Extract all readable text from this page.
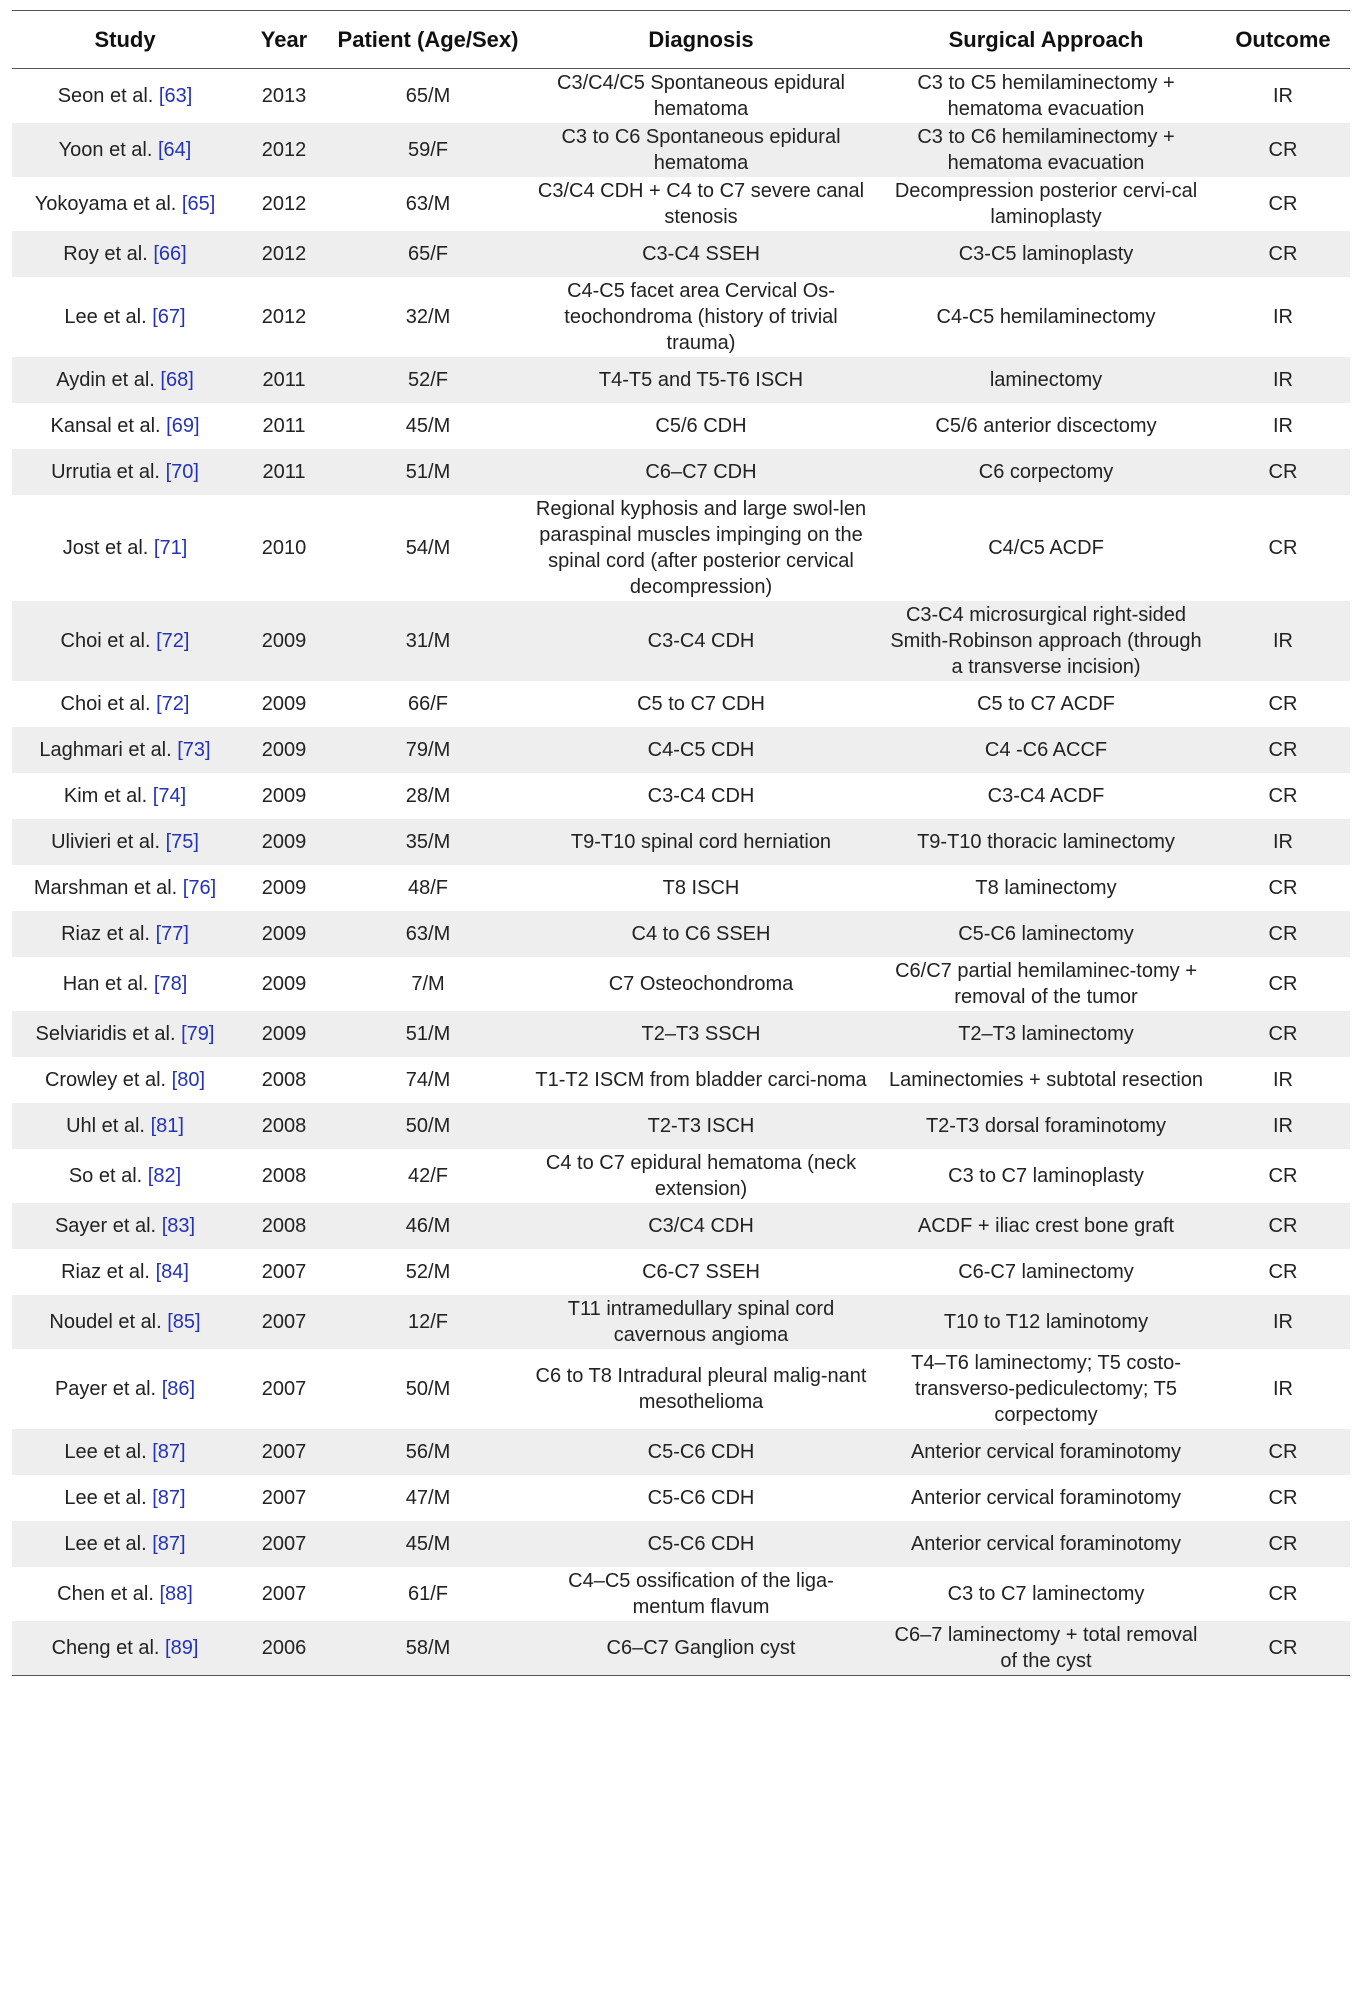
Study	Year	Patient (Age/Sex)	Diagnosis	Surgical Approach	Outcome
Seon et al. [63]	2013	65/M	C3/C4/C5 Spontaneous epidural hematoma	C3 to C5 hemilaminectomy + hematoma evacuation	IR
Yoon et al. [64]	2012	59/F	C3 to C6 Spontaneous epidural hematoma	C3 to C6 hemilaminectomy + hematoma evacuation	CR
Yokoyama et al. [65]	2012	63/M	C3/C4 CDH + C4 to C7 severe canal stenosis	Decompression posterior cervi-cal laminoplasty	CR
Roy et al. [66]	2012	65/F	C3-C4 SSEH	C3-C5 laminoplasty	CR
Lee et al. [67]	2012	32/M	C4-C5 facet area Cervical Os-teochondroma (history of trivial trauma)	C4-C5 hemilaminectomy	IR
Aydin et al. [68]	2011	52/F	T4-T5 and T5-T6 ISCH	laminectomy	IR
Kansal et al. [69]	2011	45/M	C5/6 CDH	C5/6 anterior discectomy	IR
Urrutia et al. [70]	2011	51/M	C6–C7 CDH	C6 corpectomy	CR
Jost et al. [71]	2010	54/M	Regional kyphosis and large swol-len paraspinal muscles impinging on the spinal cord (after posterior cervical decompression)	C4/C5 ACDF	CR
Choi et al. [72]	2009	31/M	C3-C4 CDH	C3-C4 microsurgical right-sided Smith-Robinson approach (through a transverse incision)	IR
Choi et al. [72]	2009	66/F	C5 to C7 CDH	C5 to C7 ACDF	CR
Laghmari et al. [73]	2009	79/M	C4-C5 CDH	C4 -C6 ACCF	CR
Kim et al. [74]	2009	28/M	C3-C4 CDH	C3-C4 ACDF	CR
Ulivieri et al. [75]	2009	35/M	T9-T10 spinal cord herniation	T9-T10 thoracic laminectomy	IR
Marshman et al. [76]	2009	48/F	T8 ISCH	T8 laminectomy	CR
Riaz et al. [77]	2009	63/M	C4 to C6 SSEH	C5-C6 laminectomy	CR
Han et al. [78]	2009	7/M	C7 Osteochondroma	C6/C7 partial hemilaminec-tomy + removal of the tumor	CR
Selviaridis et al. [79]	2009	51/M	T2–T3 SSCH	T2–T3 laminectomy	CR
Crowley et al. [80]	2008	74/M	T1-T2 ISCM from bladder carci-noma	Laminectomies + subtotal resection	IR
Uhl et al. [81]	2008	50/M	T2-T3 ISCH	T2-T3 dorsal foraminotomy	IR
So et al. [82]	2008	42/F	C4 to C7 epidural hematoma (neck extension)	C3 to C7 laminoplasty	CR
Sayer et al. [83]	2008	46/M	C3/C4 CDH	ACDF + iliac crest bone graft	CR
Riaz et al. [84]	2007	52/M	C6-C7 SSEH	C6-C7 laminectomy	CR
Noudel et al. [85]	2007	12/F	T11 intramedullary spinal cord cavernous angioma	T10 to T12 laminotomy	IR
Payer et al. [86]	2007	50/M	C6 to T8 Intradural pleural malig-nant mesothelioma	T4–T6 laminectomy; T5 costo-transverso-pediculectomy; T5 corpectomy	IR
Lee et al. [87]	2007	56/M	C5-C6 CDH	Anterior cervical foraminotomy	CR
Lee et al. [87]	2007	47/M	C5-C6 CDH	Anterior cervical foraminotomy	CR
Lee et al. [87]	2007	45/M	C5-C6 CDH	Anterior cervical foraminotomy	CR
Chen et al. [88]	2007	61/F	C4–C5 ossification of the liga-mentum flavum	C3 to C7 laminectomy	CR
Cheng et al. [89]	2006	58/M	C6–C7 Ganglion cyst	C6–7 laminectomy + total removal of the cyst	CR
